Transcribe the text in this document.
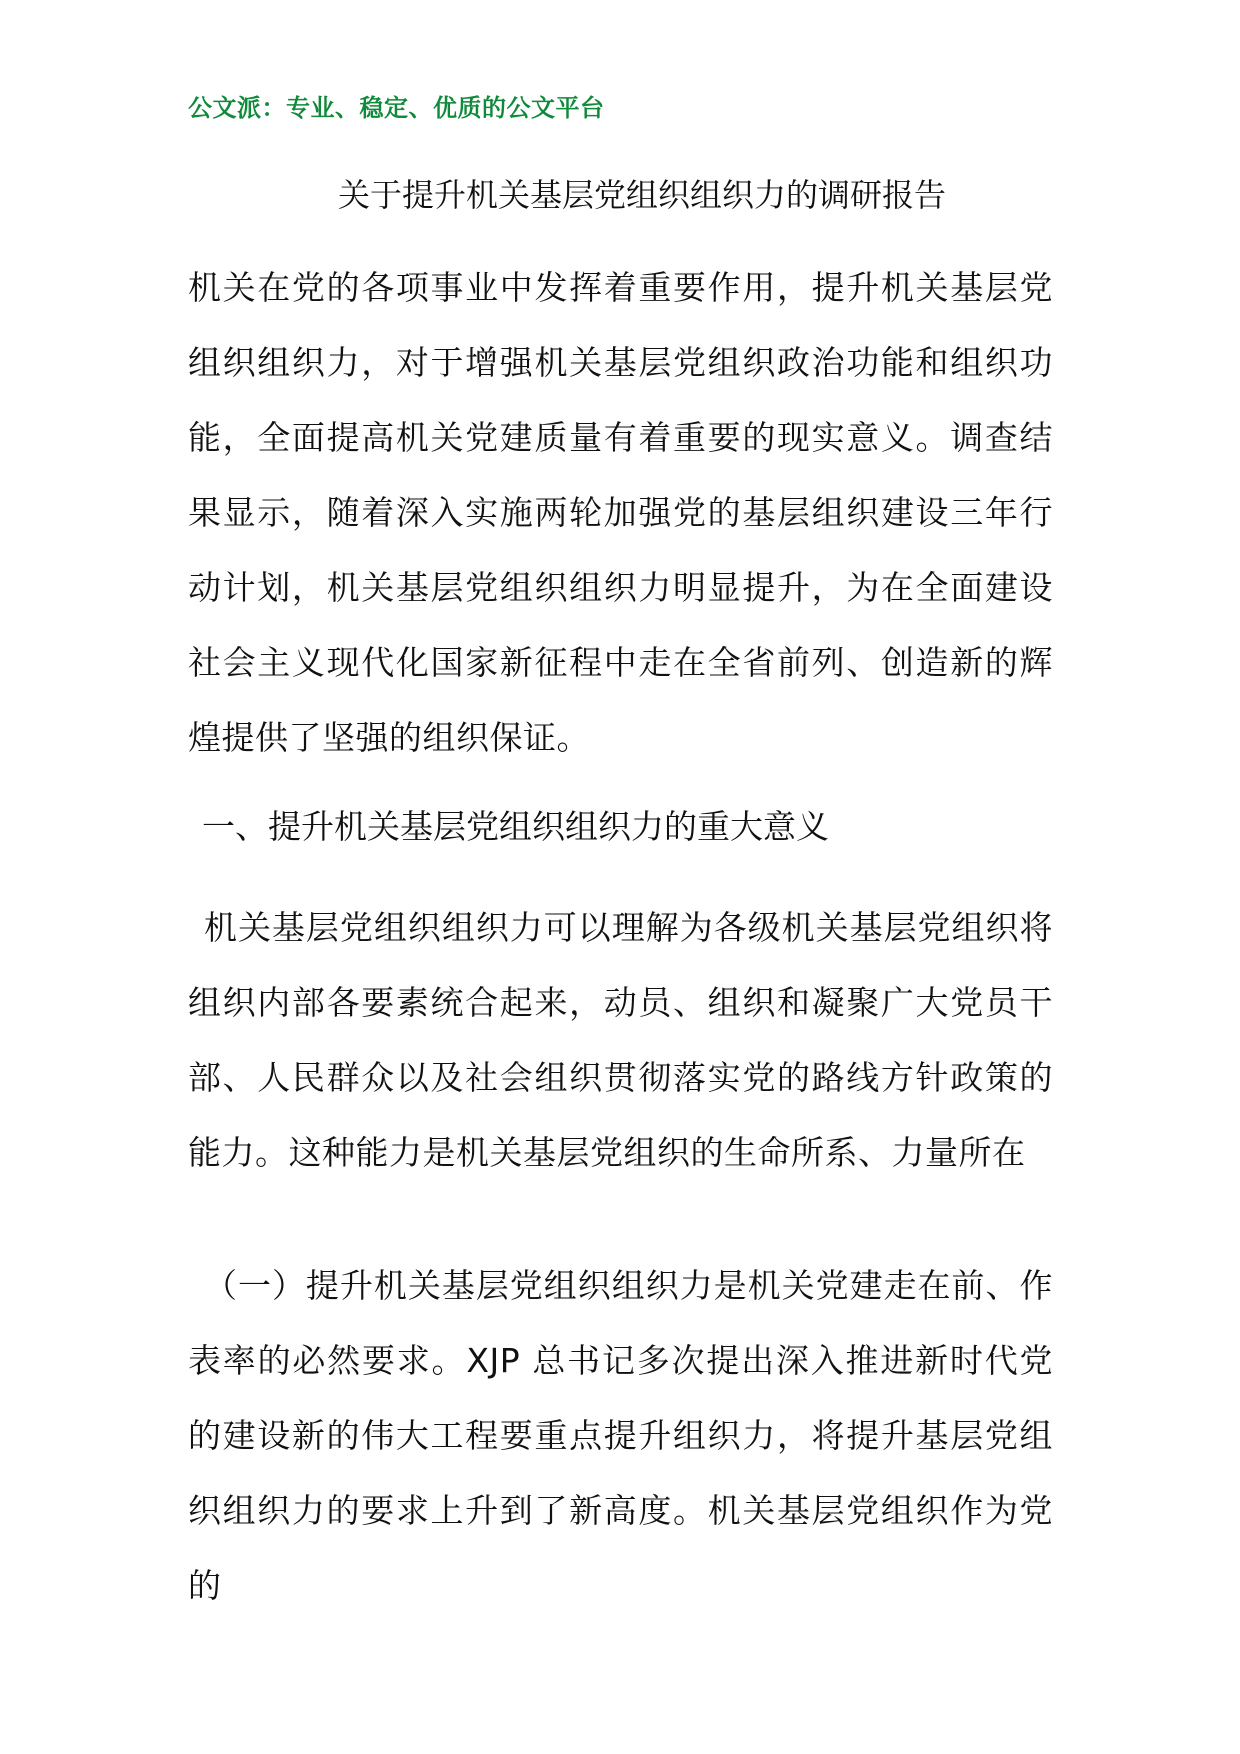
公文派：专业、稳定、优质的公文平台
关于提升机关基层党组织组织力的调研报告

机关在党的各项事业中发挥着重要作用，提升机关基层党组织组织力，对于增强机关基层党组织政治功能和组织功能，全面提高机关党建质量有着重要的现实意义。调查结果显示，随着深入实施两轮加强党的基层组织建设三年行动计划，机关基层党组织组织力明显提升，为在全面建设社会主义现代化国家新征程中走在全省前列、创造新的辉煌提供了坚强的组织保证。

一、提升机关基层党组织组织力的重大意义

机关基层党组织组织力可以理解为各级机关基层党组织将组织内部各要素统合起来，动员、组织和凝聚广大党员干部、人民群众以及社会组织贯彻落实党的路线方针政策的能力。这种能力是机关基层党组织的生命所系、力量所在

（一）提升机关基层党组织组织力是机关党建走在前、作表率的必然要求。XJP 总书记多次提出深入推进新时代党的建设新的伟大工程要重点提升组织力，将提升基层党组织组织力的要求上升到了新高度。机关基层党组织作为党的
